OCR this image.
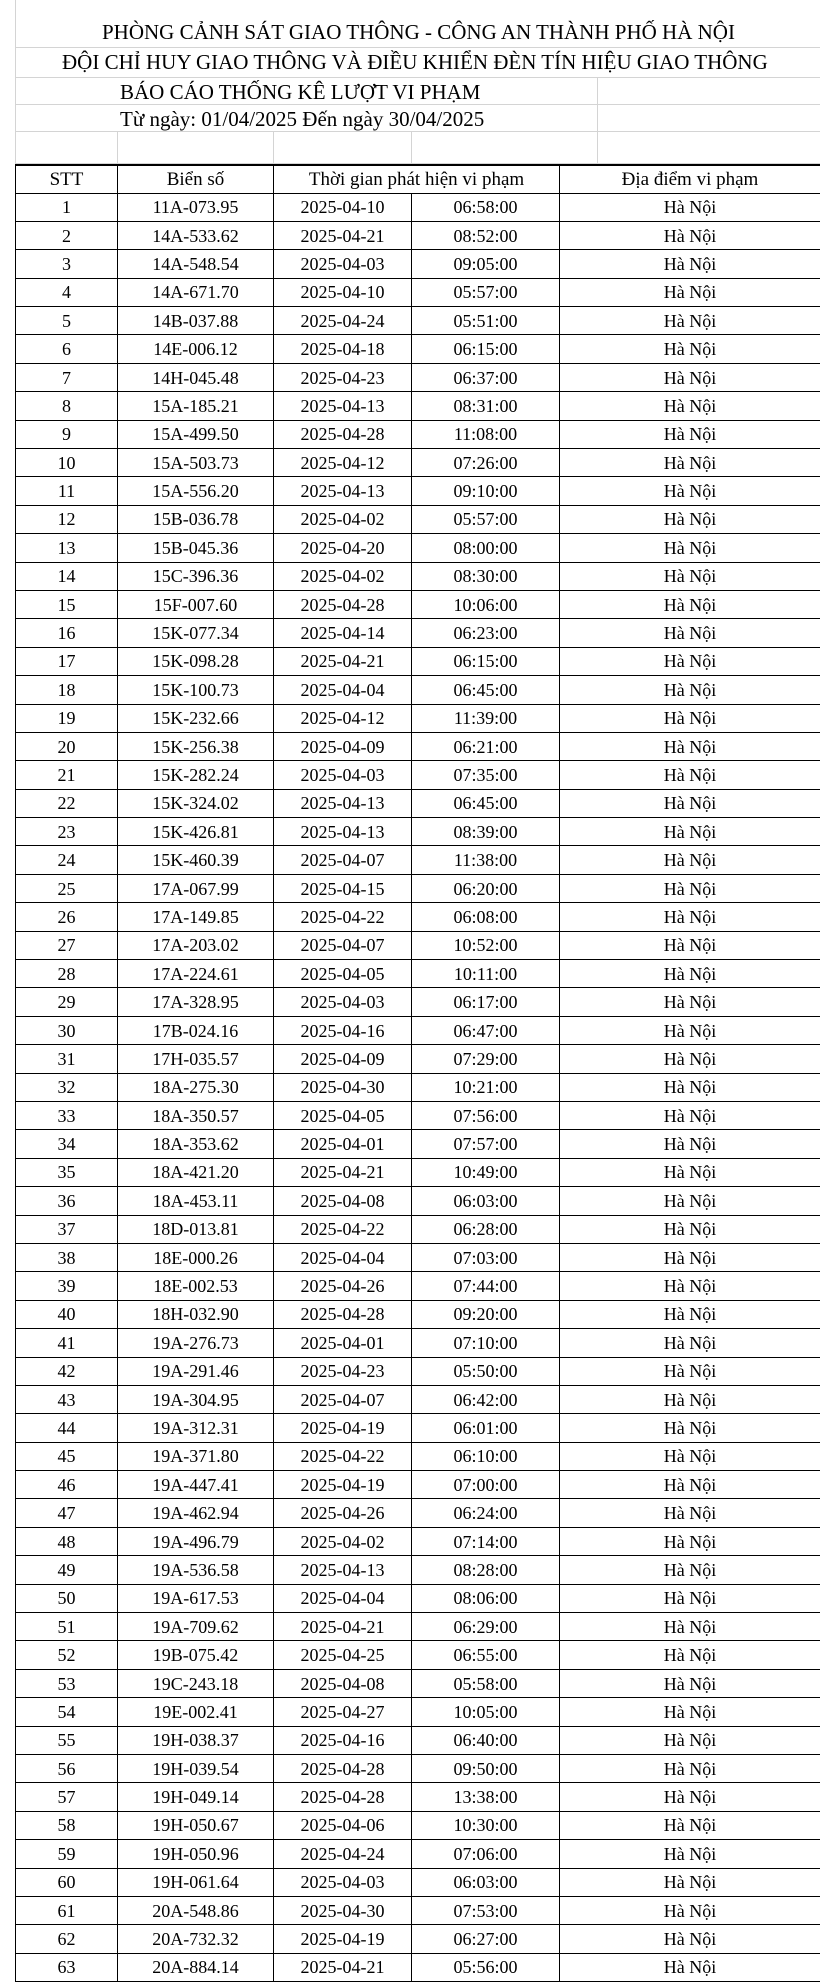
PHÒNG CẢNH SÁT GIAO THÔNG - CÔNG AN THÀNH PHỐ HÀ NỘI
ĐỘI CHỈ HUY GIAO THÔNG VÀ ĐIỀU KHIỂN ĐÈN TÍN HIỆU GIAO THÔNG
BÁO CÁO THỐNG KÊ LƯỢT VI PHẠM
Từ ngày: 01/04/2025 Đến ngày 30/04/2025
STT	Biển số	Thời gian phát hiện vi phạm		Địa điểm vi phạm
1	11A-073.95	2025-04-10	06:58:00	Hà Nội
2	14A-533.62	2025-04-21	08:52:00	Hà Nội
3	14A-548.54	2025-04-03	09:05:00	Hà Nội
4	14A-671.70	2025-04-10	05:57:00	Hà Nội
5	14B-037.88	2025-04-24	05:51:00	Hà Nội
6	14E-006.12	2025-04-18	06:15:00	Hà Nội
7	14H-045.48	2025-04-23	06:37:00	Hà Nội
8	15A-185.21	2025-04-13	08:31:00	Hà Nội
9	15A-499.50	2025-04-28	11:08:00	Hà Nội
10	15A-503.73	2025-04-12	07:26:00	Hà Nội
11	15A-556.20	2025-04-13	09:10:00	Hà Nội
12	15B-036.78	2025-04-02	05:57:00	Hà Nội
13	15B-045.36	2025-04-20	08:00:00	Hà Nội
14	15C-396.36	2025-04-02	08:30:00	Hà Nội
15	15F-007.60	2025-04-28	10:06:00	Hà Nội
16	15K-077.34	2025-04-14	06:23:00	Hà Nội
17	15K-098.28	2025-04-21	06:15:00	Hà Nội
18	15K-100.73	2025-04-04	06:45:00	Hà Nội
19	15K-232.66	2025-04-12	11:39:00	Hà Nội
20	15K-256.38	2025-04-09	06:21:00	Hà Nội
21	15K-282.24	2025-04-03	07:35:00	Hà Nội
22	15K-324.02	2025-04-13	06:45:00	Hà Nội
23	15K-426.81	2025-04-13	08:39:00	Hà Nội
24	15K-460.39	2025-04-07	11:38:00	Hà Nội
25	17A-067.99	2025-04-15	06:20:00	Hà Nội
26	17A-149.85	2025-04-22	06:08:00	Hà Nội
27	17A-203.02	2025-04-07	10:52:00	Hà Nội
28	17A-224.61	2025-04-05	10:11:00	Hà Nội
29	17A-328.95	2025-04-03	06:17:00	Hà Nội
30	17B-024.16	2025-04-16	06:47:00	Hà Nội
31	17H-035.57	2025-04-09	07:29:00	Hà Nội
32	18A-275.30	2025-04-30	10:21:00	Hà Nội
33	18A-350.57	2025-04-05	07:56:00	Hà Nội
34	18A-353.62	2025-04-01	07:57:00	Hà Nội
35	18A-421.20	2025-04-21	10:49:00	Hà Nội
36	18A-453.11	2025-04-08	06:03:00	Hà Nội
37	18D-013.81	2025-04-22	06:28:00	Hà Nội
38	18E-000.26	2025-04-04	07:03:00	Hà Nội
39	18E-002.53	2025-04-26	07:44:00	Hà Nội
40	18H-032.90	2025-04-28	09:20:00	Hà Nội
41	19A-276.73	2025-04-01	07:10:00	Hà Nội
42	19A-291.46	2025-04-23	05:50:00	Hà Nội
43	19A-304.95	2025-04-07	06:42:00	Hà Nội
44	19A-312.31	2025-04-19	06:01:00	Hà Nội
45	19A-371.80	2025-04-22	06:10:00	Hà Nội
46	19A-447.41	2025-04-19	07:00:00	Hà Nội
47	19A-462.94	2025-04-26	06:24:00	Hà Nội
48	19A-496.79	2025-04-02	07:14:00	Hà Nội
49	19A-536.58	2025-04-13	08:28:00	Hà Nội
50	19A-617.53	2025-04-04	08:06:00	Hà Nội
51	19A-709.62	2025-04-21	06:29:00	Hà Nội
52	19B-075.42	2025-04-25	06:55:00	Hà Nội
53	19C-243.18	2025-04-08	05:58:00	Hà Nội
54	19E-002.41	2025-04-27	10:05:00	Hà Nội
55	19H-038.37	2025-04-16	06:40:00	Hà Nội
56	19H-039.54	2025-04-28	09:50:00	Hà Nội
57	19H-049.14	2025-04-28	13:38:00	Hà Nội
58	19H-050.67	2025-04-06	10:30:00	Hà Nội
59	19H-050.96	2025-04-24	07:06:00	Hà Nội
60	19H-061.64	2025-04-03	06:03:00	Hà Nội
61	20A-548.86	2025-04-30	07:53:00	Hà Nội
62	20A-732.32	2025-04-19	06:27:00	Hà Nội
63	20A-884.14	2025-04-21	05:56:00	Hà Nội
